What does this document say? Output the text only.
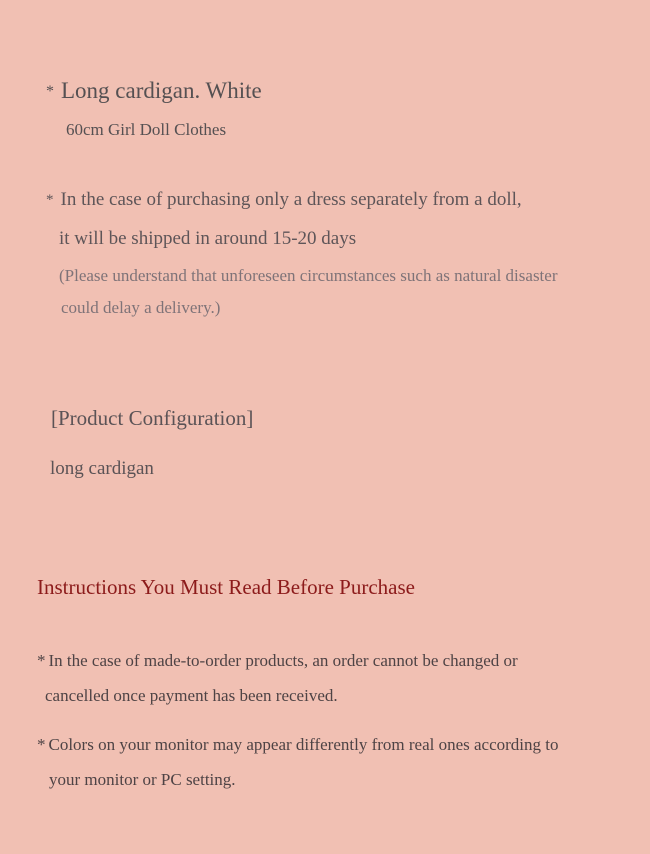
* Long cardigan. White
60cm Girl Doll Clothes
* In the case of purchasing only a dress separately from a doll,
it will be shipped in around 15-20 days
(Please understand that unforeseen circumstances such as natural disaster
could delay a delivery.)
[Product Configuration]
long cardigan
Instructions You Must Read Before Purchase
* In the case of made-to-order products, an order cannot be changed or
cancelled once payment has been received.
* Colors on your monitor may appear differently from real ones according to
your monitor or PC setting.
